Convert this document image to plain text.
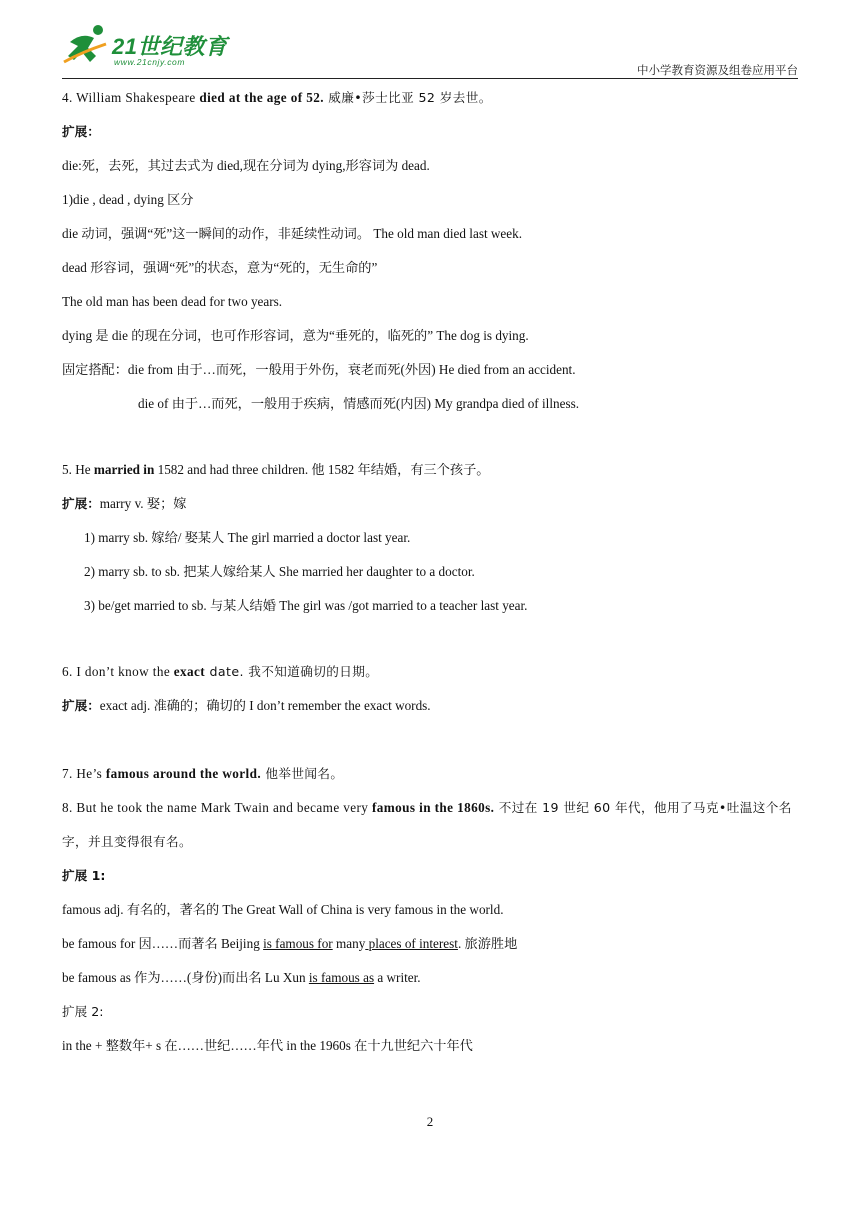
21世纪教育
www.21cnjy.com
中小学教育资源及组卷应用平台
4. William Shakespeare died at the age of 52. 威廉•莎士比亚 52 岁去世。
扩展：
die:死，去死，其过去式为 died,现在分词为 dying,形容词为 dead.
1)die , dead , dying 区分
die 动词，强调“死”这一瞬间的动作，非延续性动词。 The old man died last week.
dead 形容词，强调“死”的状态，意为“死的，无生命的”
The old man has been dead for two years.
dying 是 die 的现在分词，也可作形容词，意为“垂死的，临死的” The dog is dying.
固定搭配：die from 由于…而死，一般用于外伤，衰老而死(外因) He died from an accident.
die of 由于…而死，一般用于疾病，情感而死(内因) My grandpa died of illness.
5. He married in 1582 and had three children. 他 1582 年结婚，有三个孩子。
扩展：marry v. 娶；嫁
1) marry sb. 嫁给/ 娶某人 The girl married a doctor last year.
2) marry sb. to sb. 把某人嫁给某人 She married her daughter to a doctor.
3) be/get married to sb. 与某人结婚 The girl was /got married to a teacher last year.
6. I don’t know the exact date. 我不知道确切的日期。
扩展：exact adj. 准确的；确切的 I don’t remember the exact words.
7. He’s famous around the world. 他举世闻名。
8. But he took the name Mark Twain and became very famous in the 1860s. 不过在 19 世纪 60 年代，他用了马克•吐温这个名字，并且变得很有名。
扩展 1:
famous adj. 有名的，著名的 The Great Wall of China is very famous in the world.
be famous for 因……而著名 Beijing is famous for many places of interest. 旅游胜地
be famous as 作为……(身份)而出名 Lu Xun is famous as a writer.
扩展 2:
in the + 整数年+ s 在……世纪……年代 in the 1960s 在十九世纪六十年代
2
